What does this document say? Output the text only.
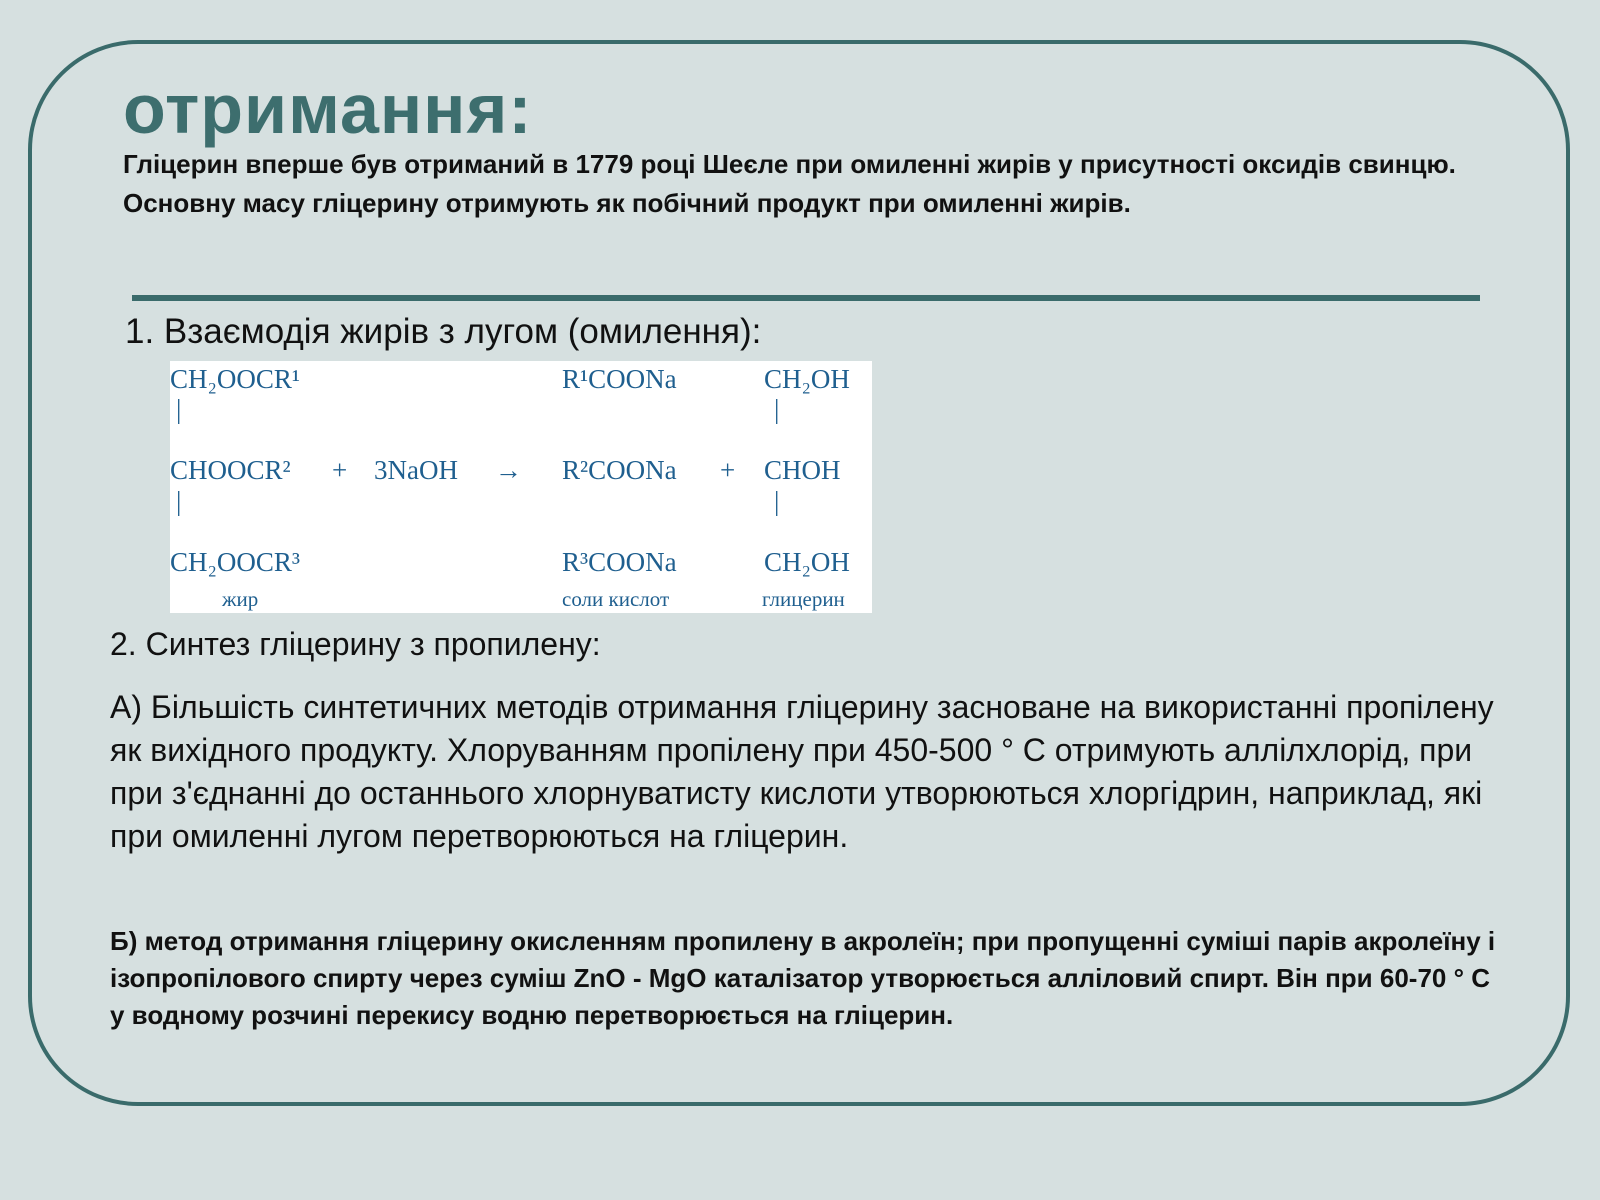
отримання:

Гліцерин вперше був отриманий в 1779 році Шеєле при омиленні жирів у присутності оксидів свинцю. Основну масу гліцерину отримують як побічний продукт при омиленні жирів.

1. Взаємодія жирів з лугом (омилення):

CH₂OOCR¹
|
CHOOCR²
|
CH₂OOCR³
жир
+ 3NaOH →
R¹COONa
R²COONa
R³COONa
соли кислот
+
CH₂OH
|
CHOH
|
CH₂OH
глицерин

2. Синтез гліцерину з пропилену:

А) Більшість синтетичних методів отримання гліцерину засноване на використанні пропілену як вихідного продукту. Хлоруванням пропілену при 450-500 ° С отримують аллілхлорід, при при з'єднанні до останнього хлорнуватисту кислоти утворюються хлоргідрин, наприклад, які при омиленні лугом перетворюються на гліцерин.

Б) метод отримання гліцерину окисленням пропилену в акролеїн; при пропущенні суміші парів акролеїну і ізопропілового спирту через суміш ZnO - MgO каталізатор утворюється алліловий спирт. Він при 60-70 ° С у водному розчині перекису водню перетворюється на гліцерин.
